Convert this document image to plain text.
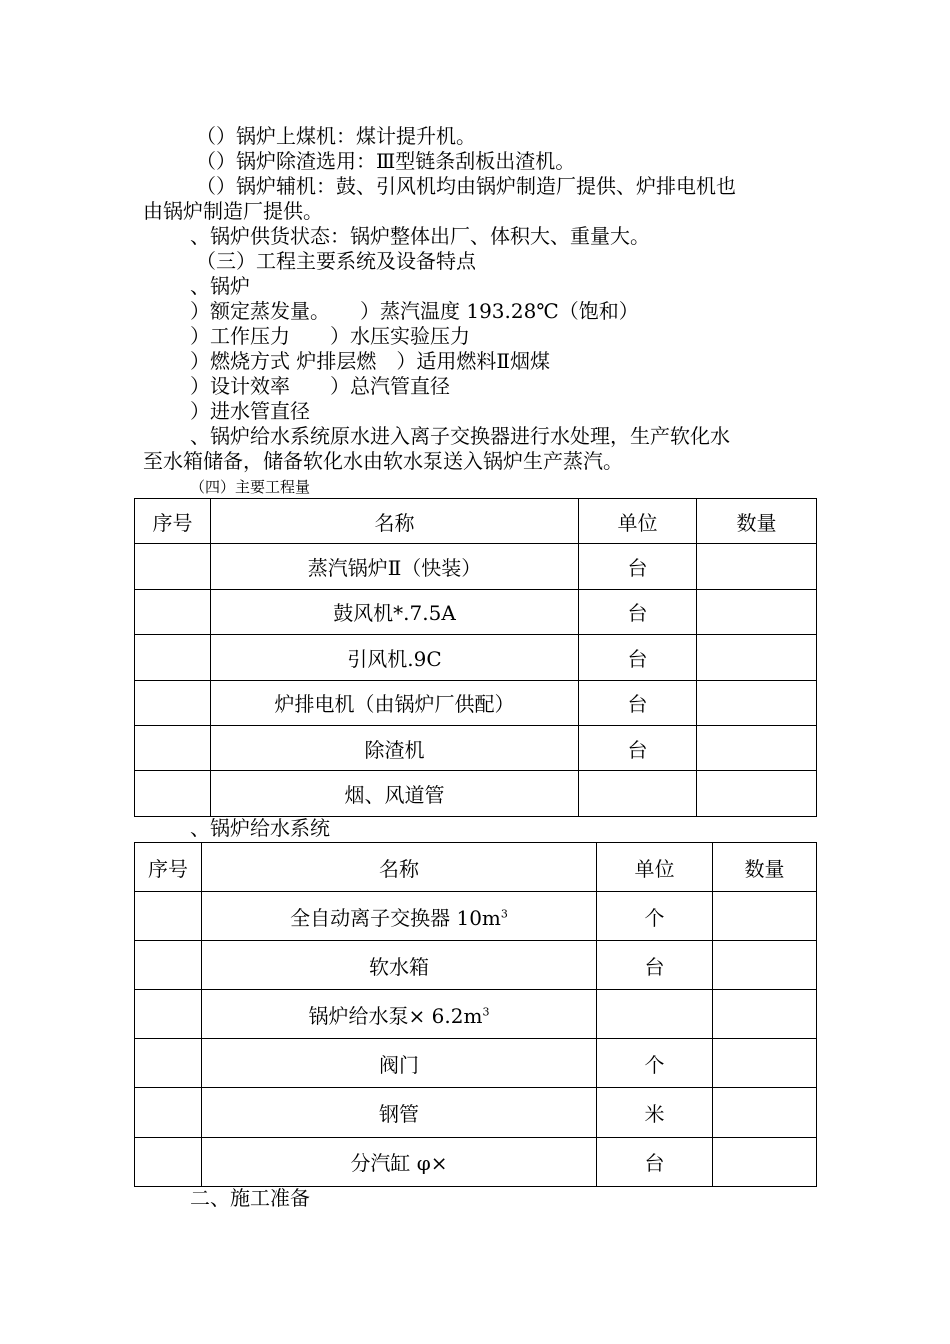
（）锅炉上煤机：煤计提升机。

（）锅炉除渣选用：Ⅲ型链条刮板出渣机。

（）锅炉辅机：鼓、引风机均由锅炉制造厂提供、炉排电机也

由锅炉制造厂提供。

、锅炉供货状态：锅炉整体出厂、体积大、重量大。

（三）工程主要系统及设备特点

、锅炉

）额定蒸发量。　　）蒸汽温度 193.28℃（饱和）

）工作压力　　）水压实验压力

）燃烧方式 炉排层燃　）适用燃料Ⅱ烟煤

）设计效率　　）总汽管直径

）进水管直径

、锅炉给水系统原水进入离子交换器进行水处理，生产软化水

至水箱储备，储备软化水由软水泵送入锅炉生产蒸汽。

（四）主要工程量

序号	名称	单位	数量
	蒸汽锅炉Ⅱ（快装）	台	
	鼓风机*.7.5A	台	
	引风机.9C	台	
	炉排电机（由锅炉厂供配）	台	
	除渣机	台	
	烟、风道管		

、锅炉给水系统

序号	名称	单位	数量
	全自动离子交换器 $10m^3$	个	
	软水箱	台	
	锅炉给水泵× $6.2m^3$		
	阀门	个	
	钢管	米	
	分汽缸 φ×	台	

二、施工准备
